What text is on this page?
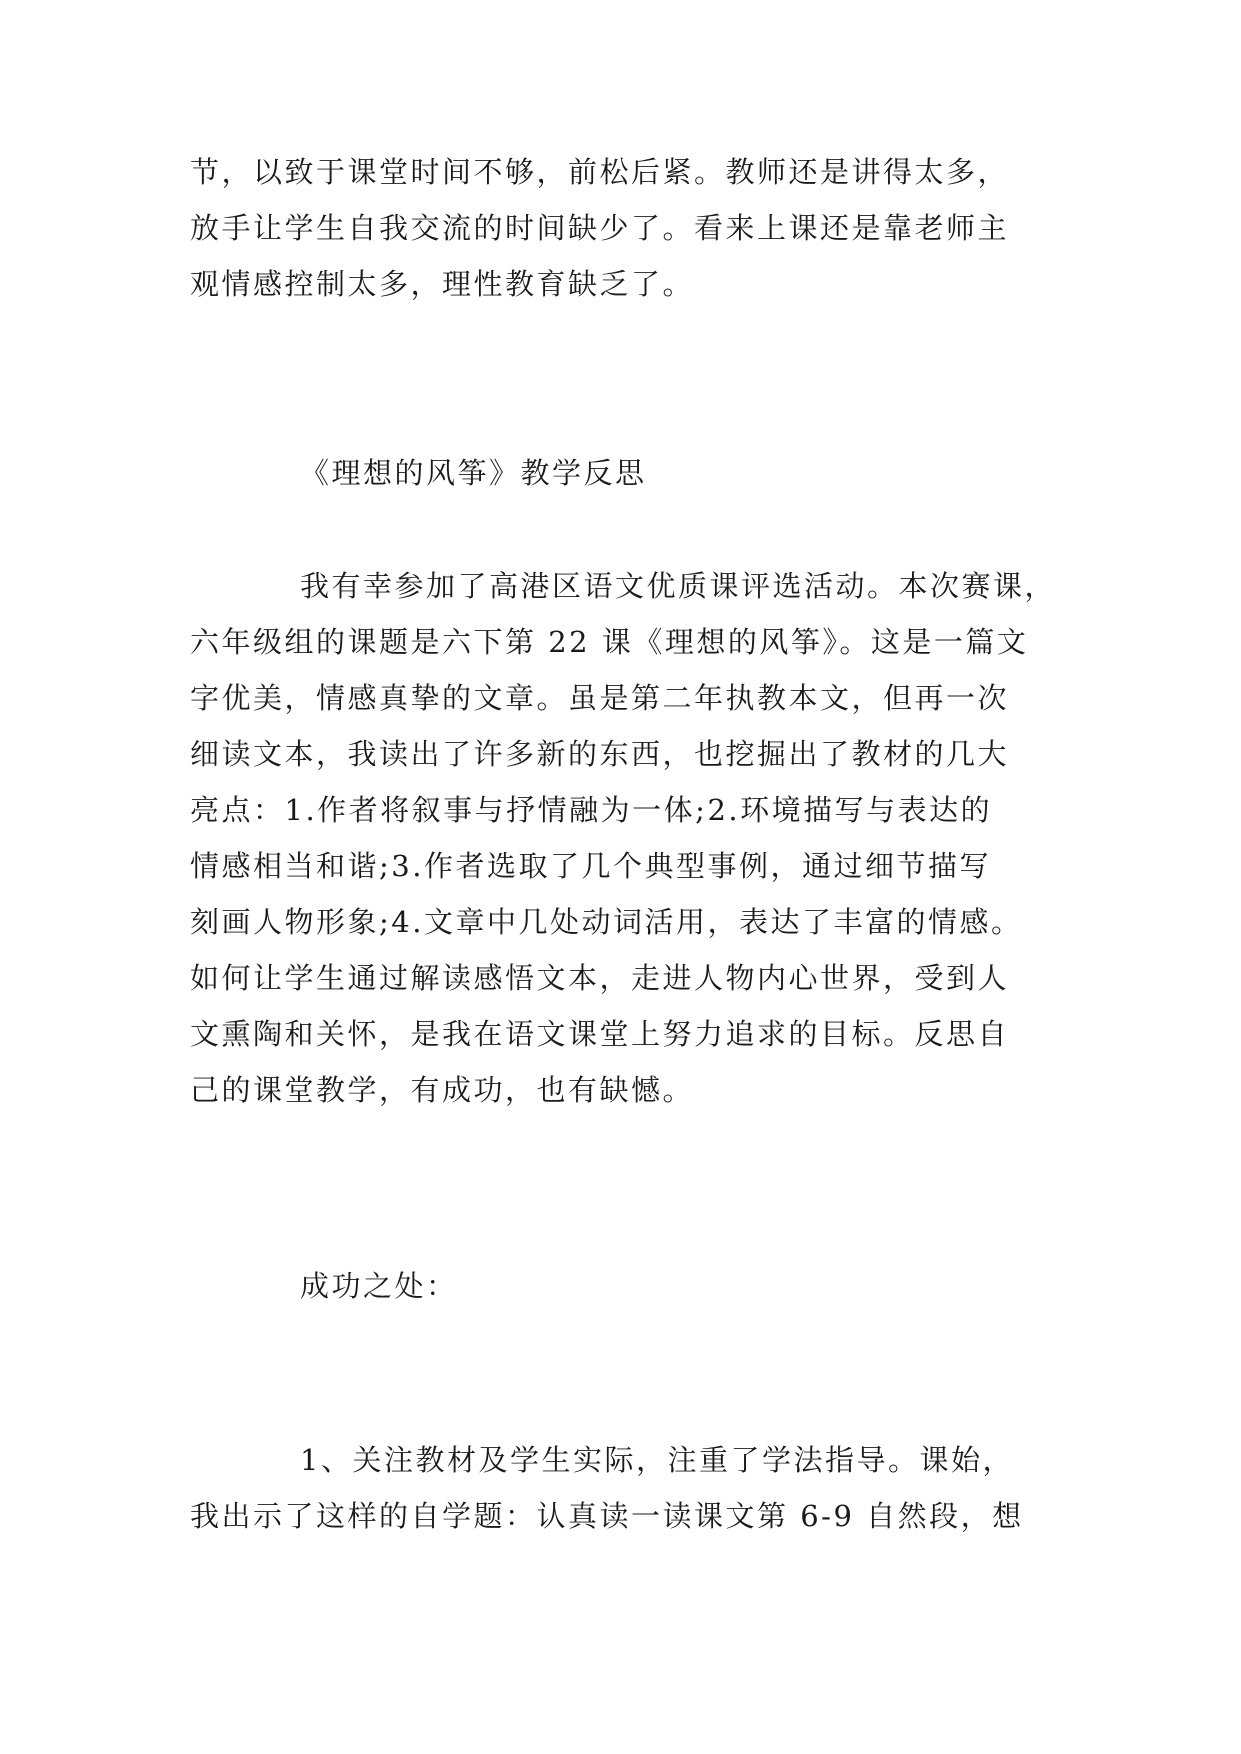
节，以致于课堂时间不够，前松后紧。教师还是讲得太多，
放手让学生自我交流的时间缺少了。看来上课还是靠老师主
观情感控制太多，理性教育缺乏了。
《理想的风筝》教学反思
我有幸参加了高港区语文优质课评选活动。本次赛课，
六年级组的课题是六下第 22 课《理想的风筝》。这是一篇文
字优美，情感真挚的文章。虽是第二年执教本文，但再一次
细读文本，我读出了许多新的东西，也挖掘出了教材的几大
亮点：1.作者将叙事与抒情融为一体;2.环境描写与表达的
情感相当和谐;3.作者选取了几个典型事例，通过细节描写
刻画人物形象;4.文章中几处动词活用，表达了丰富的情感。
如何让学生通过解读感悟文本，走进人物内心世界，受到人
文熏陶和关怀，是我在语文课堂上努力追求的目标。反思自
己的课堂教学，有成功，也有缺憾。
成功之处：
1、关注教材及学生实际，注重了学法指导。课始，
我出示了这样的自学题：认真读一读课文第 6-9 自然段，想
